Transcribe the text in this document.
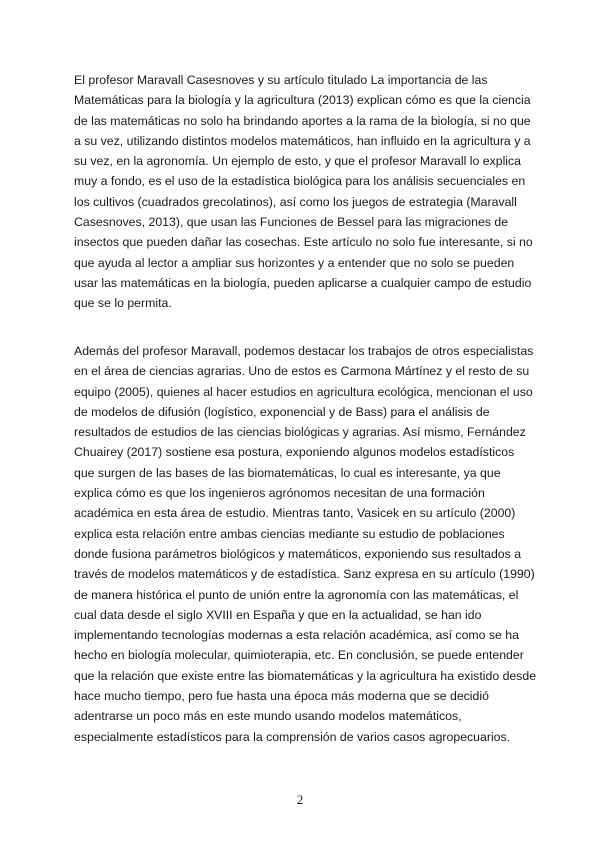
El profesor Maravall Casesnoves y su artículo titulado La importancia de las
Matemáticas para la biología y la agricultura (2013) explican cómo es que la ciencia
de las matemáticas no solo ha brindando aportes a la rama de la biología, si no que
a su vez, utilizando distintos modelos matemáticos, han influido en la agricultura y a
su vez, en la agronomía. Un ejemplo de esto, y que el profesor Maravall lo explica
muy a fondo, es el uso de la estadística biológica para los análisis secuenciales en
los cultivos (cuadrados grecolatinos), así como los juegos de estrategia (Maravall
Casesnoves, 2013), que usan las Funciones de Bessel para las migraciones de
insectos que pueden dañar las cosechas. Este artículo no solo fue interesante, si no
que ayuda al lector a ampliar sus horizontes y a entender que no solo se pueden
usar las matemáticas en la biología, pueden aplicarse a cualquier campo de estudio
que se lo permita.

Además del profesor Maravall, podemos destacar los trabajos de otros especialistas
en el área de ciencias agrarias. Uno de estos es Carmona Mártínez y el resto de su
equipo (2005), quienes al hacer estudios en agricultura ecológica, mencionan el uso
de modelos de difusión (logístico, exponencial y de Bass) para el análisis de
resultados de estudios de las ciencias biológicas y agrarias. Así mismo, Fernández
Chuairey (2017) sostiene esa postura, exponiendo algunos modelos estadísticos
que surgen de las bases de las biomatemáticas, lo cual es interesante, ya que
explica cómo es que los ingenieros agrónomos necesitan de una formación
académica en esta área de estudio. Mientras tanto, Vasicek en su artículo (2000)
explica esta relación entre ambas ciencias mediante su estudio de poblaciones
donde fusiona parámetros biológicos y matemáticos, exponiendo sus resultados a
través de modelos matemáticos y de estadística. Sanz expresa en su artículo (1990)
de manera histórica el punto de unión entre la agronomía con las matemáticas, el
cual data desde el siglo XVIII en España y que en la actualidad, se han ido
implementando tecnologías modernas a esta relación académica, así como se ha
hecho en biología molecular, quimioterapia, etc. En conclusión, se puede entender
que la relación que existe entre las biomatemáticas y la agricultura ha existido desde
hace mucho tiempo, pero fue hasta una época más moderna que se decidió
adentrarse un poco más en este mundo usando modelos matemáticos,
especialmente estadísticos para la comprensión de varios casos agropecuarios.

2
